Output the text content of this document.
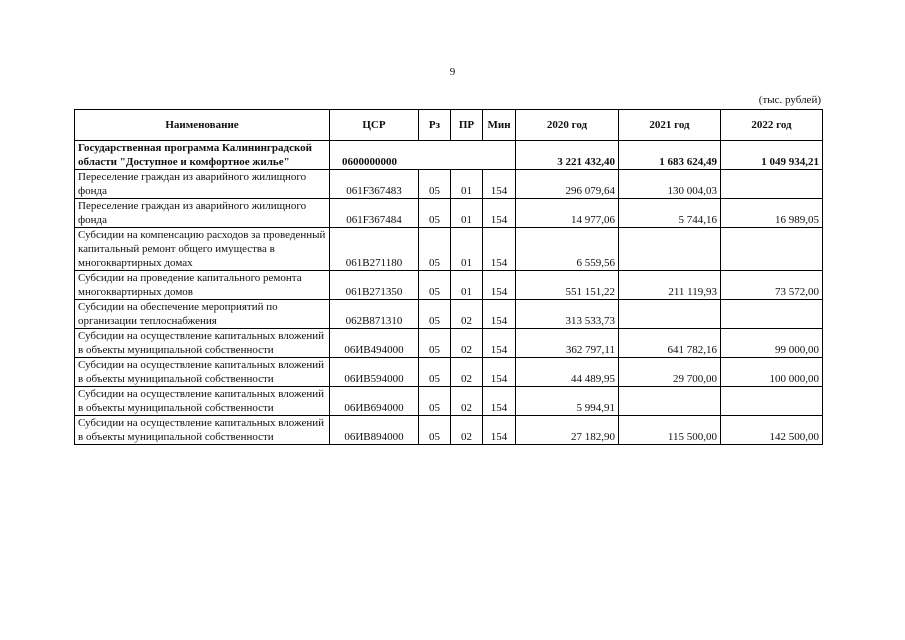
9
(тыс. рублей)
Наименование	ЦСР	Рз	ПР	Мин	2020 год	2021 год	2022 год
Государственная программа Калининградской области "Доступное и комфортное жилье"	0600000000				3 221 432,40	1 683 624,49	1 049 934,21
Переселение граждан из аварийного жилищного фонда	061F367483	05	01	154	296 079,64	130 004,03	
Переселение граждан из аварийного жилищного фонда	061F367484	05	01	154	14 977,06	5 744,16	16 989,05
Субсидии на компенсацию расходов за проведенный капитальный ремонт общего имущества в многоквартирных домах	061В271180	05	01	154	6 559,56		
Субсидии на проведение капитального ремонта многоквартирных домов	061В271350	05	01	154	551 151,22	211 119,93	73 572,00
Субсидии на обеспечение мероприятий по организации теплоснабжения	062В871310	05	02	154	313 533,73		
Субсидии на осуществление капитальных вложений в объекты муниципальной собственности	06ИВ494000	05	02	154	362 797,11	641 782,16	99 000,00
Субсидии на осуществление капитальных вложений в объекты муниципальной собственности	06ИВ594000	05	02	154	44 489,95	29 700,00	100 000,00
Субсидии на осуществление капитальных вложений в объекты муниципальной собственности	06ИВ694000	05	02	154	5 994,91		
Субсидии на осуществление капитальных вложений в объекты муниципальной собственности	06ИВ894000	05	02	154	27 182,90	115 500,00	142 500,00
